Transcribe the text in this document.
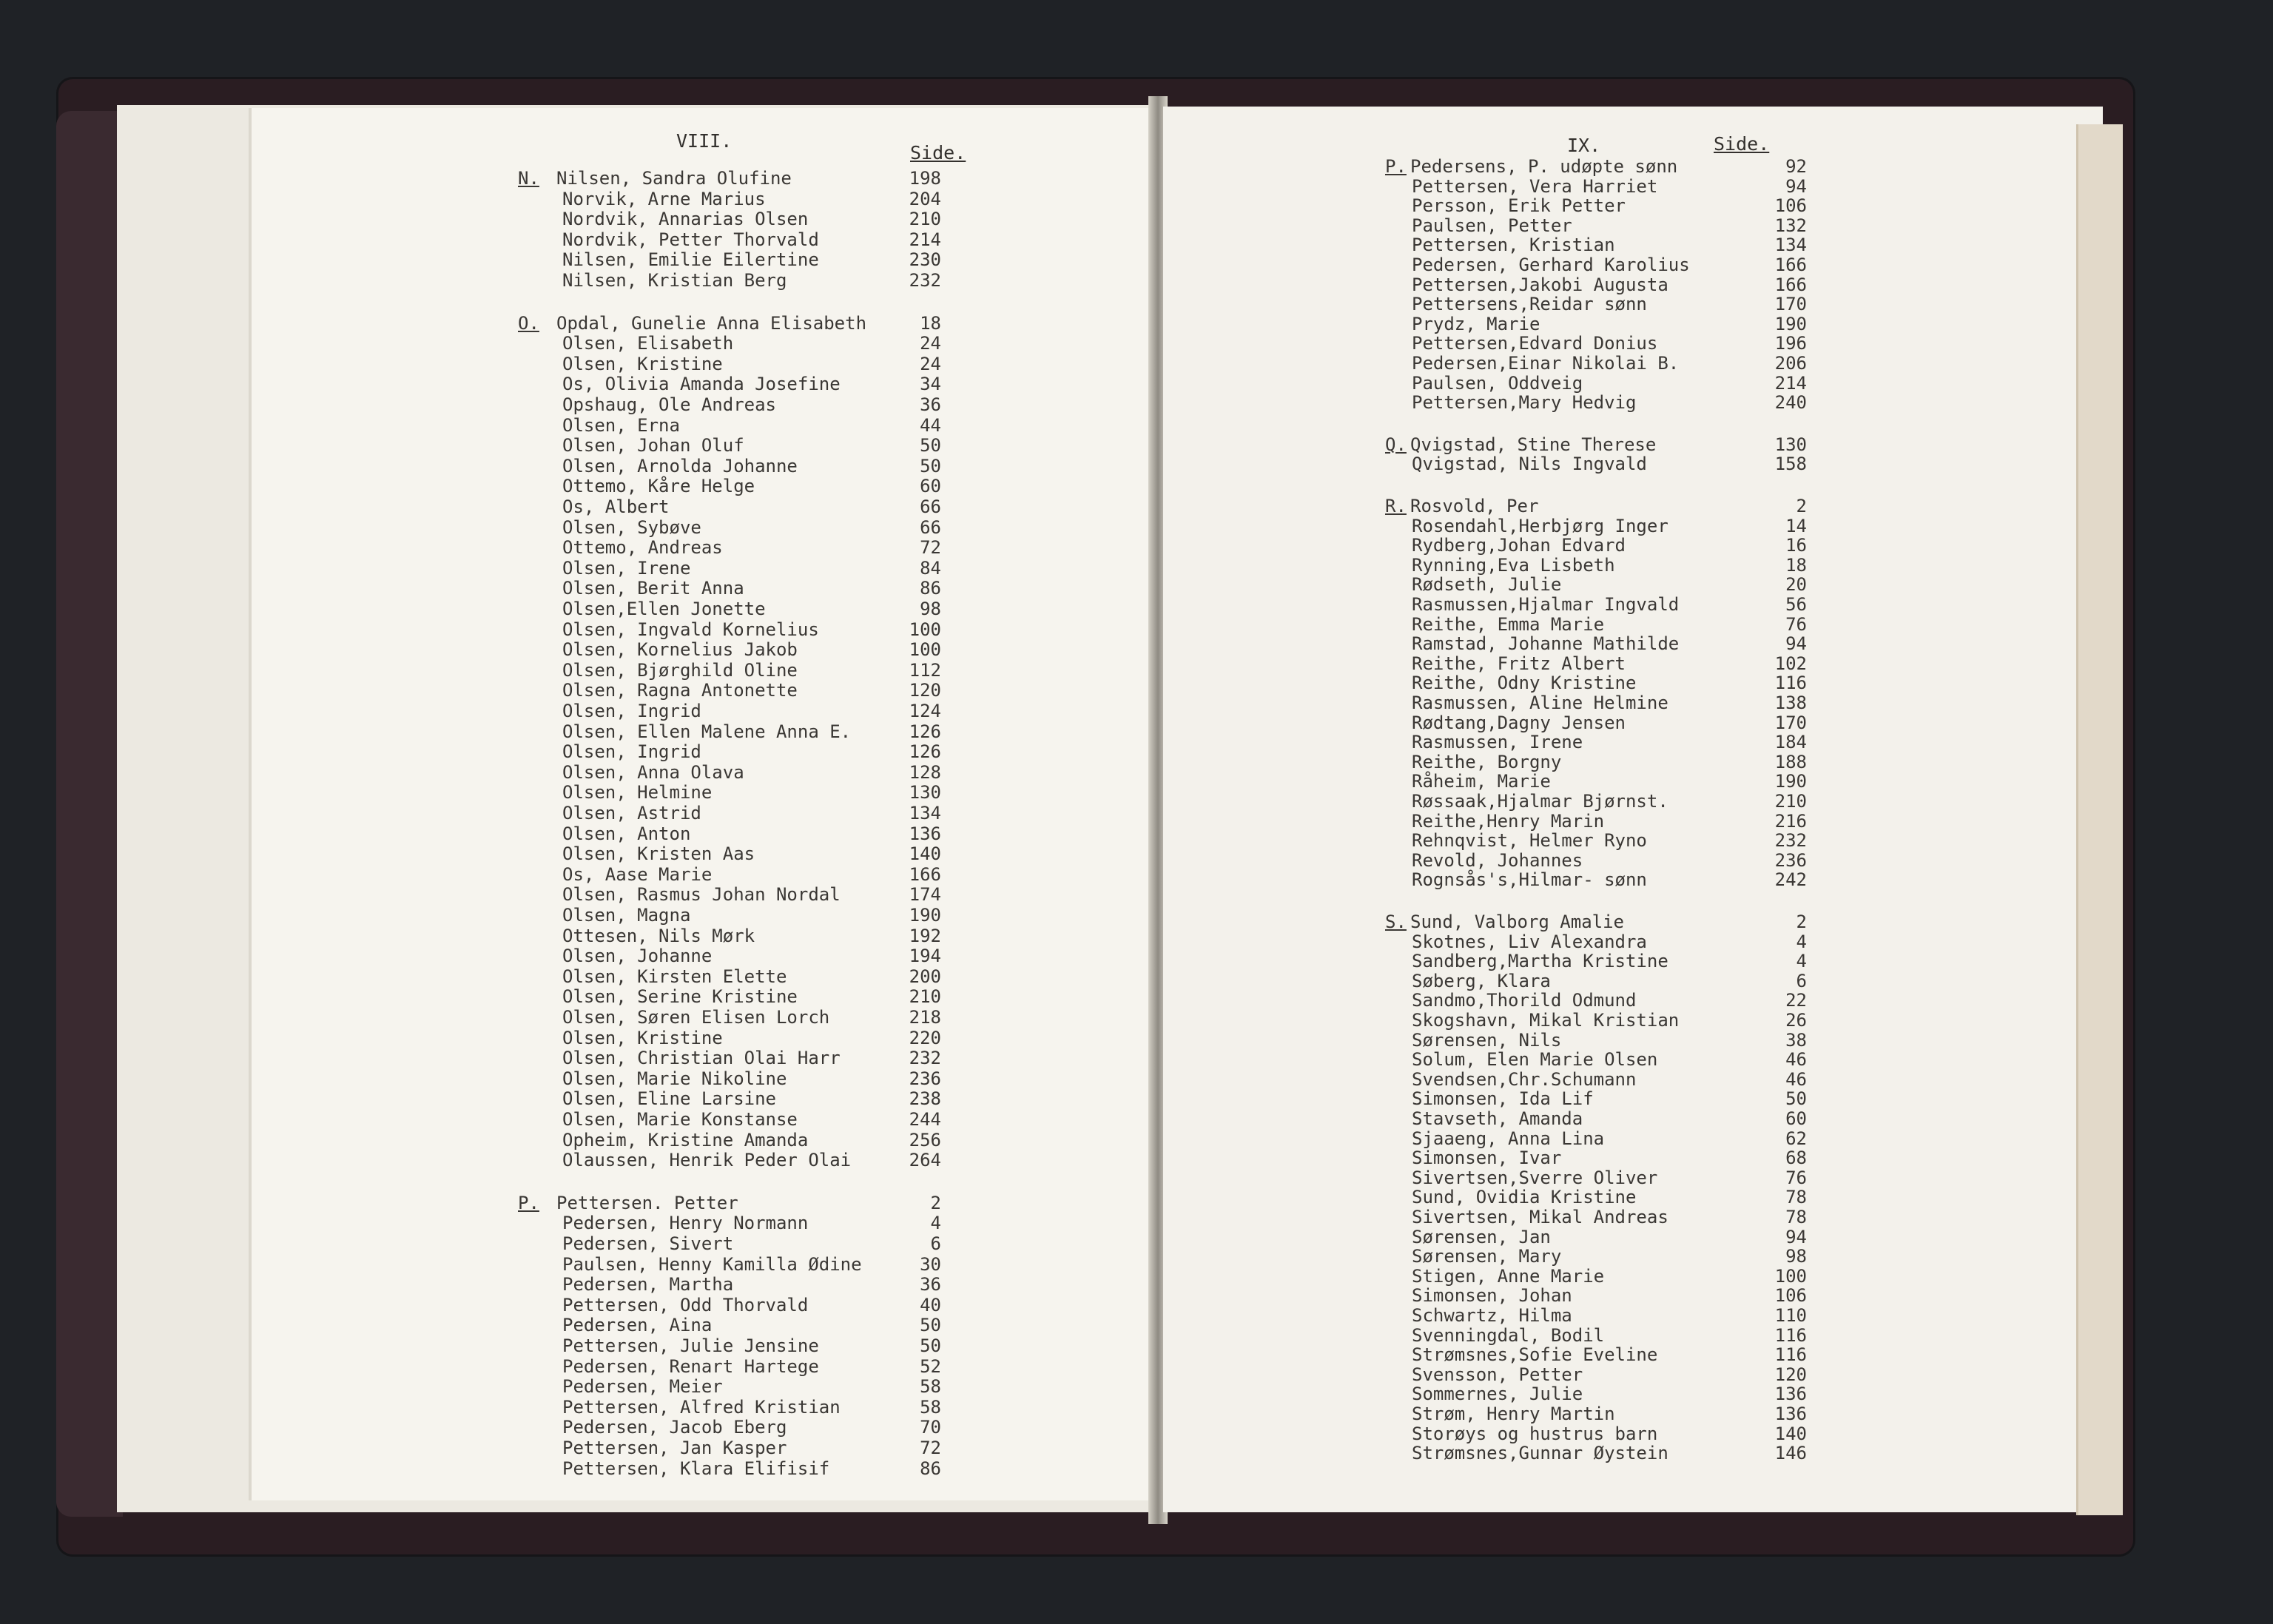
VIII.
Side.
N. Nilsen, Sandra Olufine	198
Norvik, Arne Marius	204
Nordvik, Annarias Olsen	210
Nordvik, Petter Thorvald	214
Nilsen, Emilie Eilertine	230
Nilsen, Kristian Berg	232
O. Opdal, Gunelie Anna Elisabeth	18
Olsen, Elisabeth	24
Olsen, Kristine	24
Os, Olivia Amanda Josefine	34
Opshaug, Ole Andreas	36
Olsen, Erna	44
Olsen, Johan Oluf	50
Olsen, Arnolda Johanne	50
Ottemo, Kåre Helge	60
Os, Albert	66
Olsen, Sybøve	66
Ottemo, Andreas	72
Olsen, Irene	84
Olsen, Berit Anna	86
Olsen,Ellen Jonette	98
Olsen, Ingvald Kornelius	100
Olsen, Kornelius Jakob	100
Olsen, Bjørghild Oline	112
Olsen, Ragna Antonette	120
Olsen, Ingrid	124
Olsen, Ellen Malene Anna E.	126
Olsen, Ingrid	126
Olsen, Anna Olava	128
Olsen, Helmine	130
Olsen, Astrid	134
Olsen, Anton	136
Olsen, Kristen Aas	140
Os, Aase Marie	166
Olsen, Rasmus Johan Nordal	174
Olsen, Magna	190
Ottesen, Nils Mørk	192
Olsen, Johanne	194
Olsen, Kirsten Elette	200
Olsen, Serine Kristine	210
Olsen, Søren Elisen Lorch	218
Olsen, Kristine	220
Olsen, Christian Olai Harr	232
Olsen, Marie Nikoline	236
Olsen, Eline Larsine	238
Olsen, Marie Konstanse	244
Opheim, Kristine Amanda	256
Olaussen, Henrik Peder Olai	264
P. Pettersen. Petter	2
Pedersen, Henry Normann	4
Pedersen, Sivert	6
Paulsen, Henny Kamilla Ødine	30
Pedersen, Martha	36
Pettersen, Odd Thorvald	40
Pedersen, Aina	50
Pettersen, Julie Jensine	50
Pedersen, Renart Hartege	52
Pedersen, Meier	58
Pettersen, Alfred Kristian	58
Pedersen, Jacob Eberg	70
Pettersen, Jan Kasper	72
Pettersen, Klara Elifisif	86
IX.	Side.
P. Pedersens, P. udøpte sønn	92
Pettersen, Vera Harriet	94
Persson, Erik Petter	106
Paulsen, Petter	132
Pettersen, Kristian	134
Pedersen, Gerhard Karolius	166
Pettersen,Jakobi Augusta	166
Pettersens,Reidar sønn	170
Prydz, Marie	190
Pettersen,Edvard Donius	196
Pedersen,Einar Nikolai B.	206
Paulsen, Oddveig	214
Pettersen,Mary Hedvig	240
Q. Qvigstad, Stine Therese	130
Qvigstad, Nils Ingvald	158
R. Rosvold, Per	2
Rosendahl,Herbjørg Inger	14
Rydberg,Johan Edvard	16
Rynning,Eva Lisbeth	18
Rødseth, Julie	20
Rasmussen,Hjalmar Ingvald	56
Reithe, Emma Marie	76
Ramstad, Johanne Mathilde	94
Reithe, Fritz Albert	102
Reithe, Odny Kristine	116
Rasmussen, Aline Helmine	138
Rødtang,Dagny Jensen	170
Rasmussen, Irene	184
Reithe, Borgny	188
Råheim, Marie	190
Røssaak,Hjalmar Bjørnst.	210
Reithe,Henry Marin	216
Rehnqvist, Helmer Ryno	232
Revold, Johannes	236
Rognsås's,Hilmar- sønn	242
S. Sund, Valborg Amalie	2
Skotnes, Liv Alexandra	4
Sandberg,Martha Kristine	4
Søberg, Klara	6
Sandmo,Thorild Odmund	22
Skogshavn, Mikal Kristian	26
Sørensen, Nils	38
Solum, Elen Marie Olsen	46
Svendsen,Chr.Schumann	46
Simonsen, Ida Lif	50
Stavseth, Amanda	60
Sjaaeng, Anna Lina	62
Simonsen, Ivar	68
Sivertsen,Sverre Oliver	76
Sund, Ovidia Kristine	78
Sivertsen, Mikal Andreas	78
Sørensen, Jan	94
Sørensen, Mary	98
Stigen, Anne Marie	100
Simonsen, Johan	106
Schwartz, Hilma	110
Svenningdal, Bodil	116
Strømsnes,Sofie Eveline	116
Svensson, Petter	120
Sommernes, Julie	136
Strøm, Henry Martin	136
Storøys og hustrus barn	140
Strømsnes,Gunnar Øystein	146
